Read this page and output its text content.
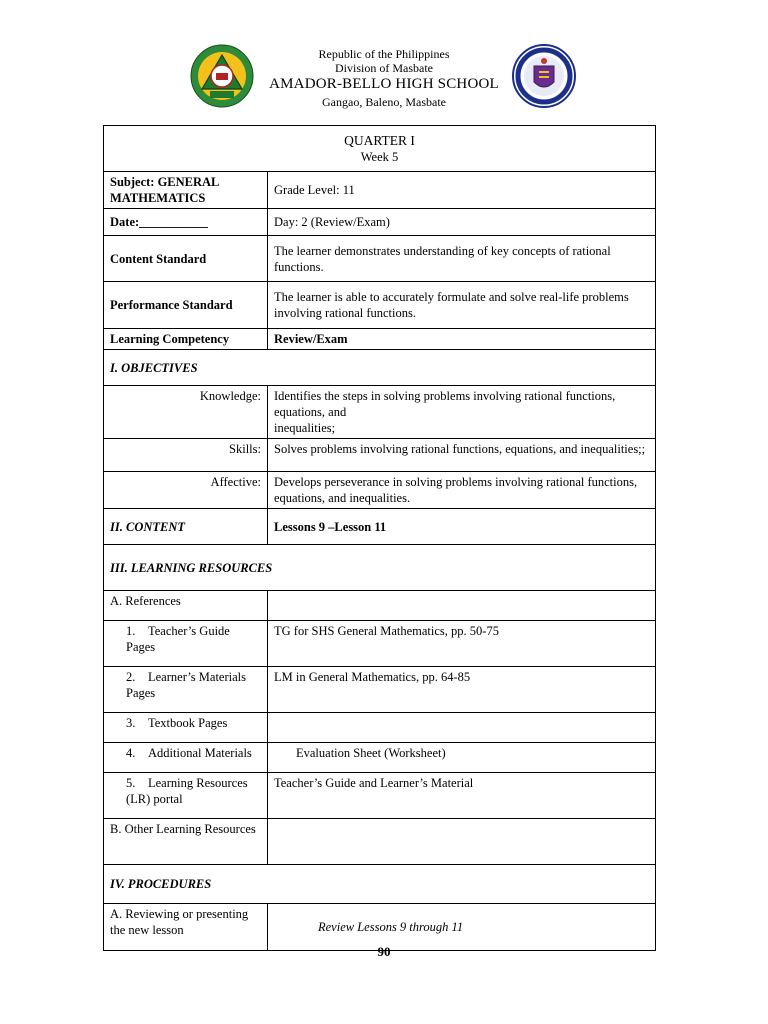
Republic of the Philippines
Division of Masbate
AMADOR-BELLO HIGH SCHOOL
Gangao, Baleno, Masbate
QUARTER I
Week 5	

Subject: GENERAL MATHEMATICS	Grade Level: 11
Date:___________	Day: 2 (Review/Exam)
Content Standard	The learner demonstrates understanding of key concepts of rational functions.
Performance Standard	The learner is able to accurately formulate and solve real-life problems involving rational functions.
Learning Competency	Review/Exam
I. OBJECTIVES	
Knowledge:	Identifies the steps in solving problems involving rational functions, equations, and
inequalities;

Skills:	Solves problems involving rational functions, equations, and inequalities;;
Affective:	Develops perseverance in solving problems involving rational functions, equations, and inequalities.
II. CONTENT	Lessons 9 –Lesson 11
III. LEARNING RESOURCES	
A. References	
1. Teacher’s Guide Pages	TG for SHS General Mathematics, pp. 50-75
2. Learner’s Materials Pages	LM in General Mathematics, pp. 64-85
3. Textbook Pages	
4. Additional Materials	Evaluation Sheet (Worksheet)
5. Learning Resources (LR) portal	Teacher’s Guide and Learner’s Material
B. Other Learning Resources	
IV. PROCEDURES	
A. Reviewing or presenting the new lesson	Review Lessons 9 through 11
90
